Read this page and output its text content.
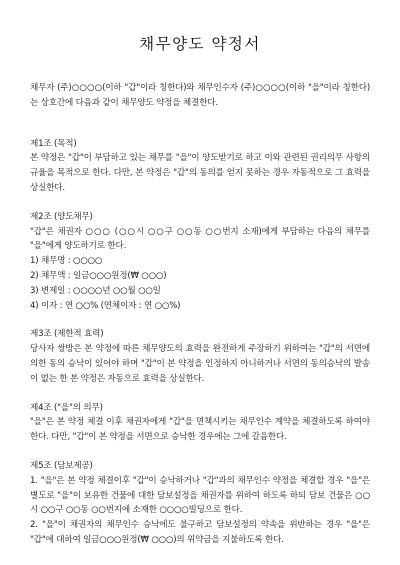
채무양도 약정서
채무자 (주)○○○○(이하 "갑"이라 칭한다)와 채무인수자 (주)○○○○(이하 "을"이라 칭한다)는 상호간에 다음과 같이 채무양도 약정을 체결한다.
제1조 (목적)
본 약정은 "갑"이 부담하고 있는 채무를 "을"이 양도받기로 하고 이와 관련된 권리의무 사항의 규율을 목적으로 한다. 다만, 본 약정은 "갑"의 동의를 얻지 못하는 경우 자동적으로 그 효력을 상실한다.
제2조 (양도채무)
"갑"은 채권자 ○○○ (○○시 ○○구 ○○동 ○○번지 소재)에게 부담하는 다음의 채무를 "을"에게 양도하기로 한다.
1) 채무명 : ○○○○
2) 채무액 : 일금○○○원정(₩ ○○○)
3) 변제일 : ○○○○년 ○○월 ○○일
4) 이자 : 연 ○○% (연체이자 : 연 ○○%)
제3조 (제한적 효력)
당사자 쌍방은 본 약정에 따른 채무양도의 효력을 완전하게 주장하기 위하여는 "갑"의 서면에 의한 동의 승낙이 있어야 하며 "갑"이 본 약정을 인정하지 아니하거나 서면의 동의승낙의 발송이 없는 한 본 약정은 자동으로 효력을 상실한다.
제4조 ("을"의 의무)
"을"은 본 약정 체결 이후 채권자에게 "갑"을 면책시키는 채무인수 계약을 체결하도록 하여야 한다. 다만, "갑"이 본 약정을 서면으로 승낙한 경우에는 그에 갈음한다.
제5조 (담보제공)
1. "을"은 본 약정 체결이후 "갑"이 승낙하거나 "갑"과의 채무인수 약정을 체결할 경우 "을"은 별도로 "을"이 보유한 건물에 대한 담보설정을 채권자를 위하여 하도록 하되 담보 건물은 ○○시 ○○구 ○○동 ○○번지에 소재한 ○○○○빌딩으로 한다.
2. "을"이 채권자의 채무인수 승낙에도 불구하고 담보설정의 약속을 위반하는 경우 "을"은 "갑"에 대하여 일금○○○원정(₩ ○○○)의 위약금을 지불하도록 한다.
